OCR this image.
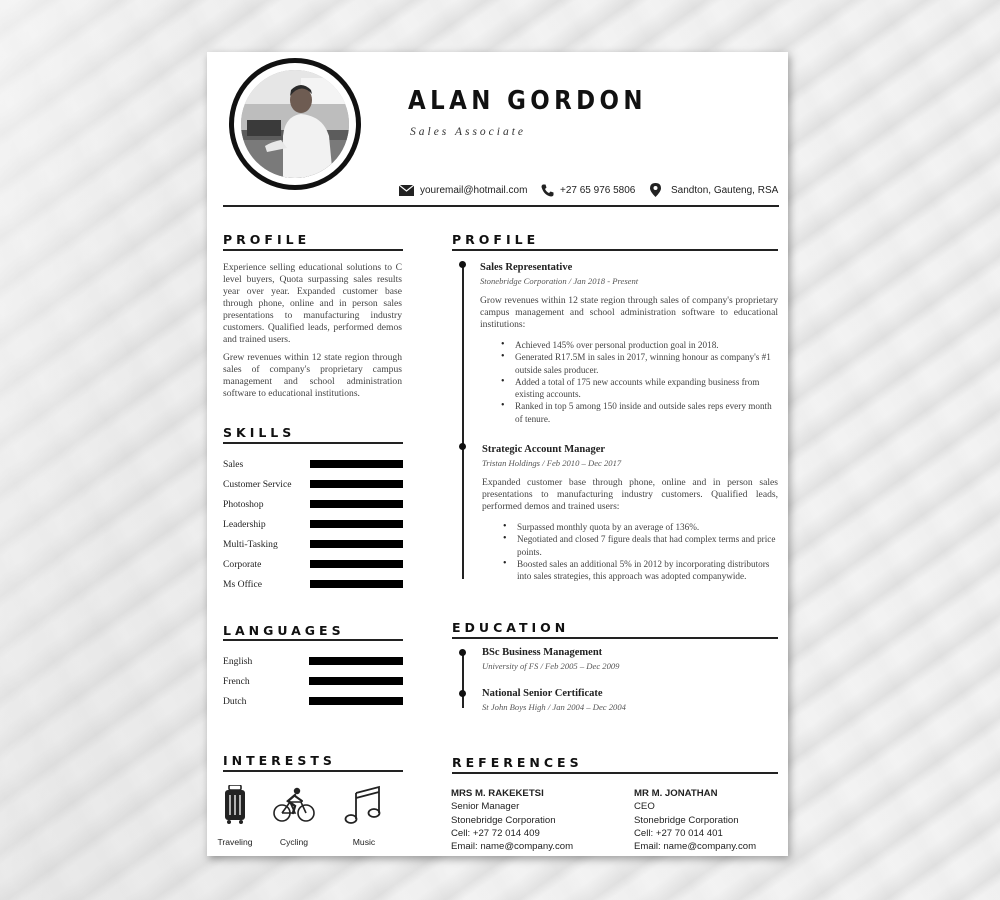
ALAN GORDON
Sales Associate
youremail@hotmail.com	+27 65 976 5806	Sandton, Gauteng, RSA
PROFILE
Experience selling educational solutions to C level buyers, Quota surpassing sales results year over year. Expanded customer base through phone, online and in person sales presentations to manufacturing industry customers. Qualified leads, performed demos and trained users.
Grew revenues within 12 state region through sales of company's proprietary campus management and school administration software to educational institutions.
SKILLS
Sales
Customer Service
Photoshop
Leadership
Multi-Tasking
Corporate
Ms Office
LANGUAGES
English
French
Dutch
INTERESTS
Traveling	Cycling	Music
PROFILE
Sales Representative
Stonebridge Corporation / Jan 2018 - Present
Grow revenues within 12 state region through sales of company's proprietary campus management and school administration software to educational institutions:
• Achieved 145% over personal production goal in 2018.
• Generated R17.5M in sales in 2017, winning honour as company's #1 outside sales producer.
• Added a total of 175 new accounts while expanding business from existing accounts.
• Ranked in top 5 among 150 inside and outside sales reps every month of tenure.
Strategic Account Manager
Tristan Holdings / Feb 2010 – Dec 2017
Expanded customer base through phone, online and in person sales presentations to manufacturing industry customers. Qualified leads, performed demos and trained users:
• Surpassed monthly quota by an average of 136%.
• Negotiated and closed 7 figure deals that had complex terms and price points.
• Boosted sales an additional 5% in 2012 by incorporating distributors into sales strategies, this approach was adopted companywide.
EDUCATION
BSc Business Management
University of FS / Feb 2005 – Dec 2009
National Senior Certificate
St John Boys High / Jan 2004 – Dec 2004
REFERENCES
MRS M. RAKEKETSI
Senior Manager
Stonebridge Corporation
Cell: +27 72 014 409
Email: name@company.com
MR M. JONATHAN
CEO
Stonebridge Corporation
Cell: +27 70 014 401
Email: name@company.com
